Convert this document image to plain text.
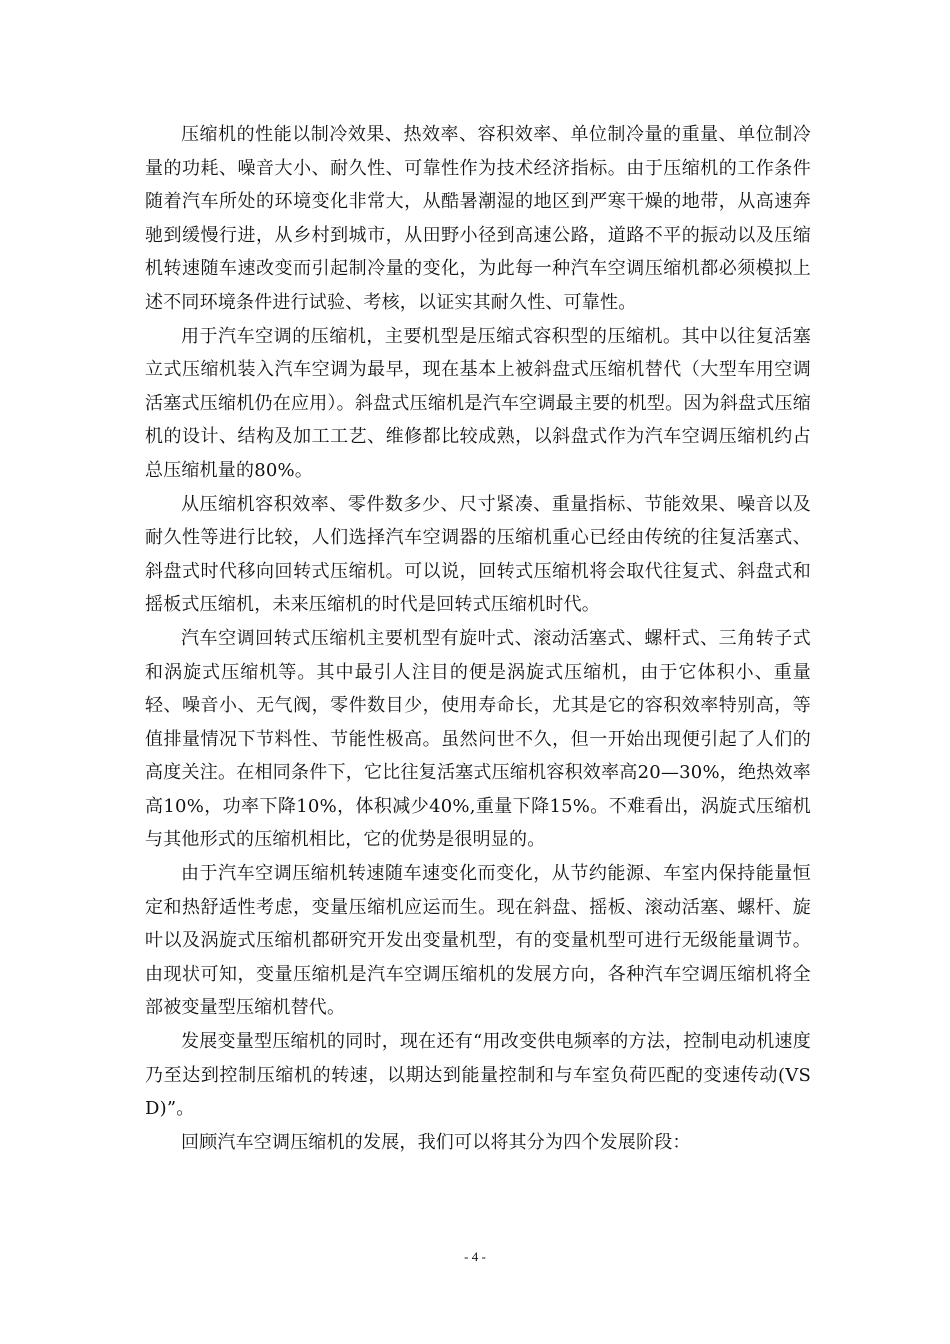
压缩机的性能以制冷效果、热效率、容积效率、单位制冷量的重量、单位制冷量的功耗、噪音大小、耐久性、可靠性作为技术经济指标。由于压缩机的工作条件随着汽车所处的环境变化非常大，从酷暑潮湿的地区到严寒干燥的地带，从高速奔驰到缓慢行进，从乡村到城市，从田野小径到高速公路，道路不平的振动以及压缩机转速随车速改变而引起制冷量的变化，为此每一种汽车空调压缩机都必须模拟上述不同环境条件进行试验、考核，以证实其耐久性、可靠性。

用于汽车空调的压缩机，主要机型是压缩式容积型的压缩机。其中以往复活塞立式压缩机装入汽车空调为最早，现在基本上被斜盘式压缩机替代（大型车用空调活塞式压缩机仍在应用）。斜盘式压缩机是汽车空调最主要的机型。因为斜盘式压缩机的设计、结构及加工工艺、维修都比较成熟，以斜盘式作为汽车空调压缩机约占总压缩机量的80%。

从压缩机容积效率、零件数多少、尺寸紧凑、重量指标、节能效果、噪音以及耐久性等进行比较，人们选择汽车空调器的压缩机重心已经由传统的往复活塞式、斜盘式时代移向回转式压缩机。可以说，回转式压缩机将会取代往复式、斜盘式和摇板式压缩机，未来压缩机的时代是回转式压缩机时代。

汽车空调回转式压缩机主要机型有旋叶式、滚动活塞式、螺杆式、三角转子式和涡旋式压缩机等。其中最引人注目的便是涡旋式压缩机，由于它体积小、重量轻、噪音小、无气阀，零件数目少，使用寿命长，尤其是它的容积效率特别高，等值排量情况下节料性、节能性极高。虽然问世不久，但一开始出现便引起了人们的高度关注。在相同条件下，它比往复活塞式压缩机容积效率高20—30%，绝热效率高10%，功率下降10%，体积减少40%,重量下降15%。不难看出，涡旋式压缩机与其他形式的压缩机相比，它的优势是很明显的。

由于汽车空调压缩机转速随车速变化而变化，从节约能源、车室内保持能量恒定和热舒适性考虑，变量压缩机应运而生。现在斜盘、摇板、滚动活塞、螺杆、旋叶以及涡旋式压缩机都研究开发出变量机型，有的变量机型可进行无级能量调节。由现状可知，变量压缩机是汽车空调压缩机的发展方向，各种汽车空调压缩机将全部被变量型压缩机替代。

发展变量型压缩机的同时，现在还有“用改变供电频率的方法，控制电动机速度乃至达到控制压缩机的转速，以期达到能量控制和与车室负荷匹配的变速传动(VSD)”。

回顾汽车空调压缩机的发展，我们可以将其分为四个发展阶段：

- 4 -
